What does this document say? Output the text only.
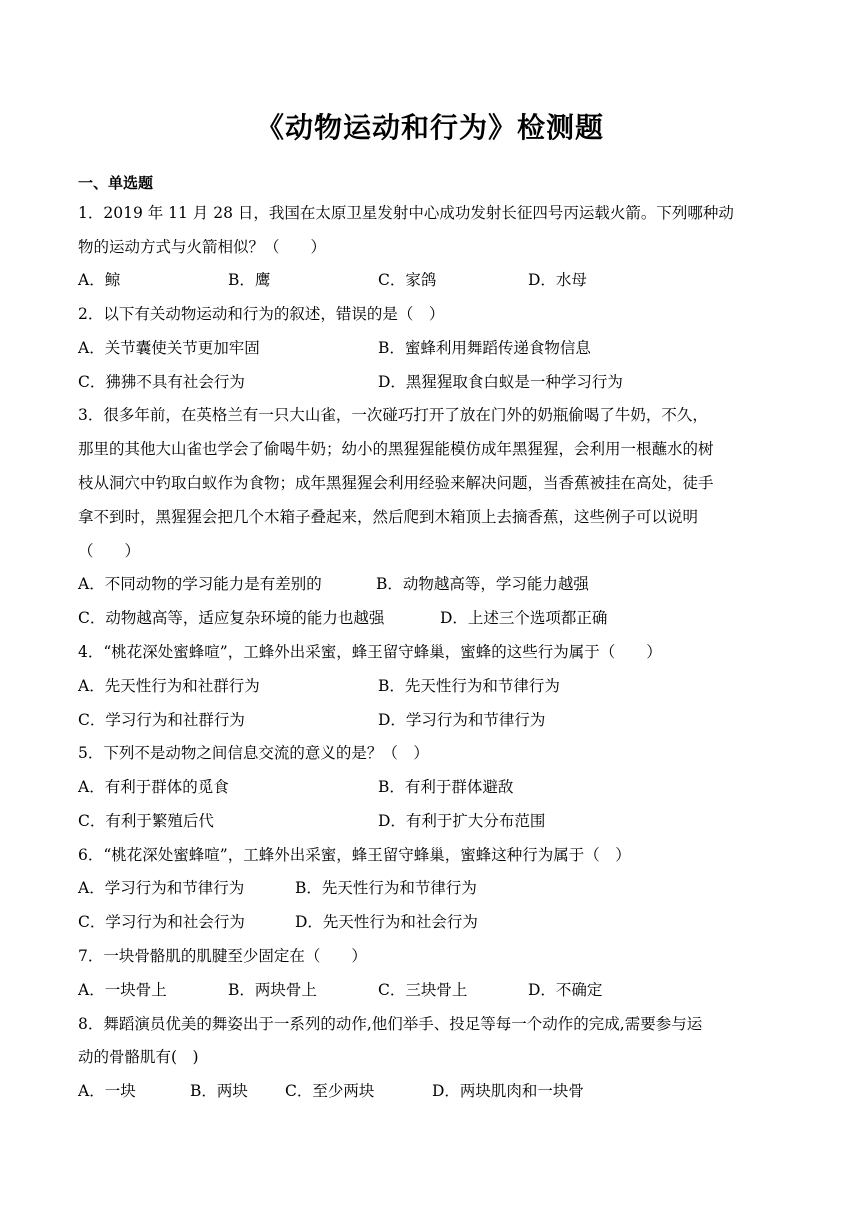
《动物运动和行为》检测题
一、单选题
1．2019 年 11 月 28 日，我国在太原卫星发射中心成功发射长征四号丙运载火箭。下列哪种动
物的运动方式与火箭相似？（　　）
A．鲸	B．鹰	C．家鸽	D．水母
2．以下有关动物运动和行为的叙述，错误的是（　）
A．关节囊使关节更加牢固	B．蜜蜂利用舞蹈传递食物信息
C．狒狒不具有社会行为	D．黑猩猩取食白蚁是一种学习行为
3．很多年前，在英格兰有一只大山雀，一次碰巧打开了放在门外的奶瓶偷喝了牛奶，不久，
那里的其他大山雀也学会了偷喝牛奶；幼小的黑猩猩能模仿成年黑猩猩，会利用一根蘸水的树
枝从洞穴中钓取白蚁作为食物；成年黑猩猩会利用经验来解决问题，当香蕉被挂在高处，徒手
拿不到时，黑猩猩会把几个木箱子叠起来，然后爬到木箱顶上去摘香蕉，这些例子可以说明
（　　）
A．不同动物的学习能力是有差别的	B．动物越高等，学习能力越强
C．动物越高等，适应复杂环境的能力也越强	D．上述三个选项都正确
4．“桃花深处蜜蜂喧”，工蜂外出采蜜，蜂王留守蜂巢，蜜蜂的这些行为属于（　　）
A．先天性行为和社群行为	B．先天性行为和节律行为
C．学习行为和社群行为	D．学习行为和节律行为
5．下列不是动物之间信息交流的意义的是？（　）
A．有利于群体的觅食	B．有利于群体避敌
C．有利于繁殖后代	D．有利于扩大分布范围
6．“桃花深处蜜蜂喧”，工蜂外出采蜜，蜂王留守蜂巢，蜜蜂这种行为属于（　）
A．学习行为和节律行为	B．先天性行为和节律行为
C．学习行为和社会行为	D．先天性行为和社会行为
7．一块骨骼肌的肌腱至少固定在（　　）
A．一块骨上	B．两块骨上	C．三块骨上	D．不确定
8．舞蹈演员优美的舞姿出于一系列的动作,他们举手、投足等每一个动作的完成,需要参与运
动的骨骼肌有(　)
A．一块	B．两块 C．至少两块	D．两块肌肉和一块骨
